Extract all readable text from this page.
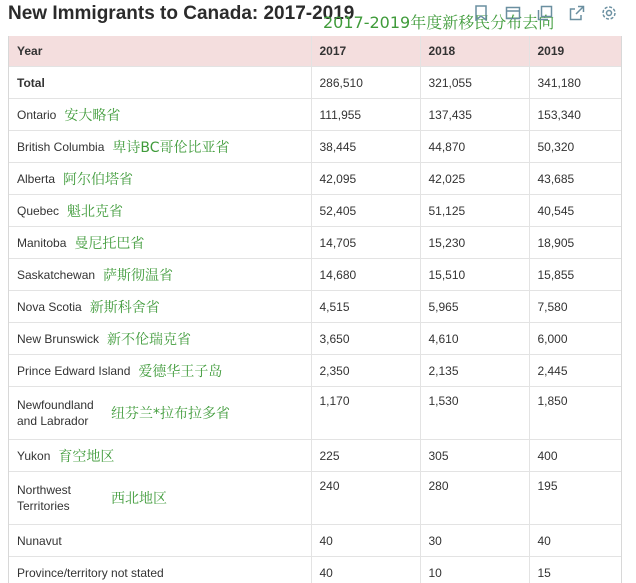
New Immigrants to Canada: 2017-2019
2017-2019年度新移民分布去向
Year	2017	2018	2019
Total	286,510	321,055	341,180
Ontario 安大略省	111,955	137,435	153,340
British Columbia 卑诗BC哥伦比亚省	38,445	44,870	50,320
Alberta 阿尔伯塔省	42,095	42,025	43,685
Quebec 魁北克省	52,405	51,125	40,545
Manitoba 曼尼托巴省	14,705	15,230	18,905
Saskatchewan 萨斯彻温省	14,680	15,510	15,855
Nova Scotia 新斯科舍省	4,515	5,965	7,580
New Brunswick 新不伦瑞克省	3,650	4,610	6,000
Prince Edward Island 爱德华王子岛	2,350	2,135	2,445
Newfoundland and Labrador 纽芬兰*拉布拉多省	1,170	1,530	1,850
Yukon 育空地区	225	305	400
Northwest Territories 西北地区	240	280	195
Nunavut	40	30	40
Province/territory not stated	40	10	15
